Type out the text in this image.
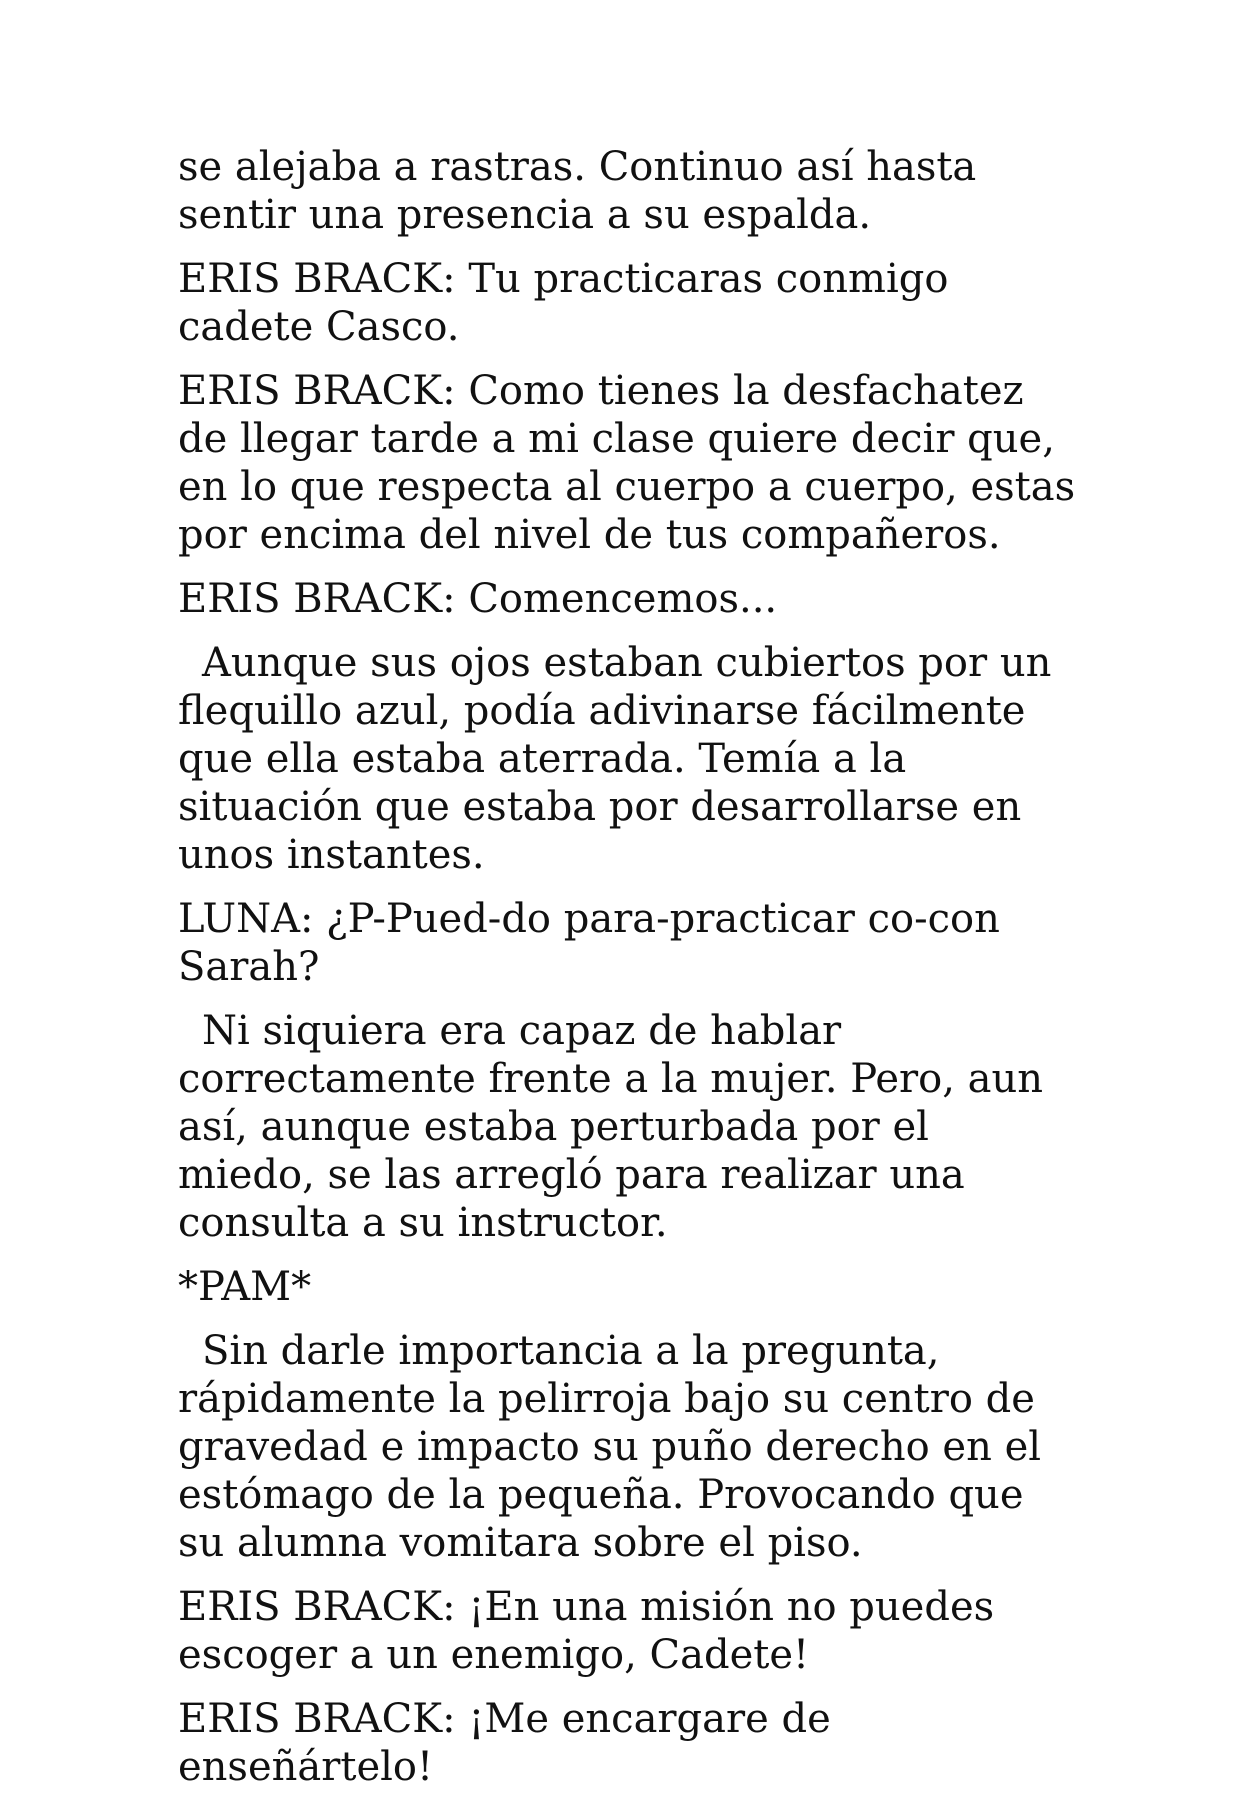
se alejaba a rastras. Continuo así hasta sentir una presencia a su espalda.

ERIS BRACK: Tu practicaras conmigo cadete Casco.

ERIS BRACK: Como tienes la desfachatez de llegar tarde a mi clase quiere decir que, en lo que respecta al cuerpo a cuerpo, estas por encima del nivel de tus compañeros.

ERIS BRACK: Comencemos...

Aunque sus ojos estaban cubiertos por un flequillo azul, podía adivinarse fácilmente que ella estaba aterrada. Temía a la situación que estaba por desarrollarse en unos instantes.

LUNA: ¿P-Pued-do para-practicar co-con Sarah?

Ni siquiera era capaz de hablar correctamente frente a la mujer. Pero, aun así, aunque estaba perturbada por el miedo, se las arregló para realizar una consulta a su instructor.

*PAM*

Sin darle importancia a la pregunta, rápidamente la pelirroja bajo su centro de gravedad e impacto su puño derecho en el estómago de la pequeña. Provocando que su alumna vomitara sobre el piso.

ERIS BRACK: ¡En una misión no puedes escoger a un enemigo, Cadete!

ERIS BRACK: ¡Me encargare de enseñártelo!
